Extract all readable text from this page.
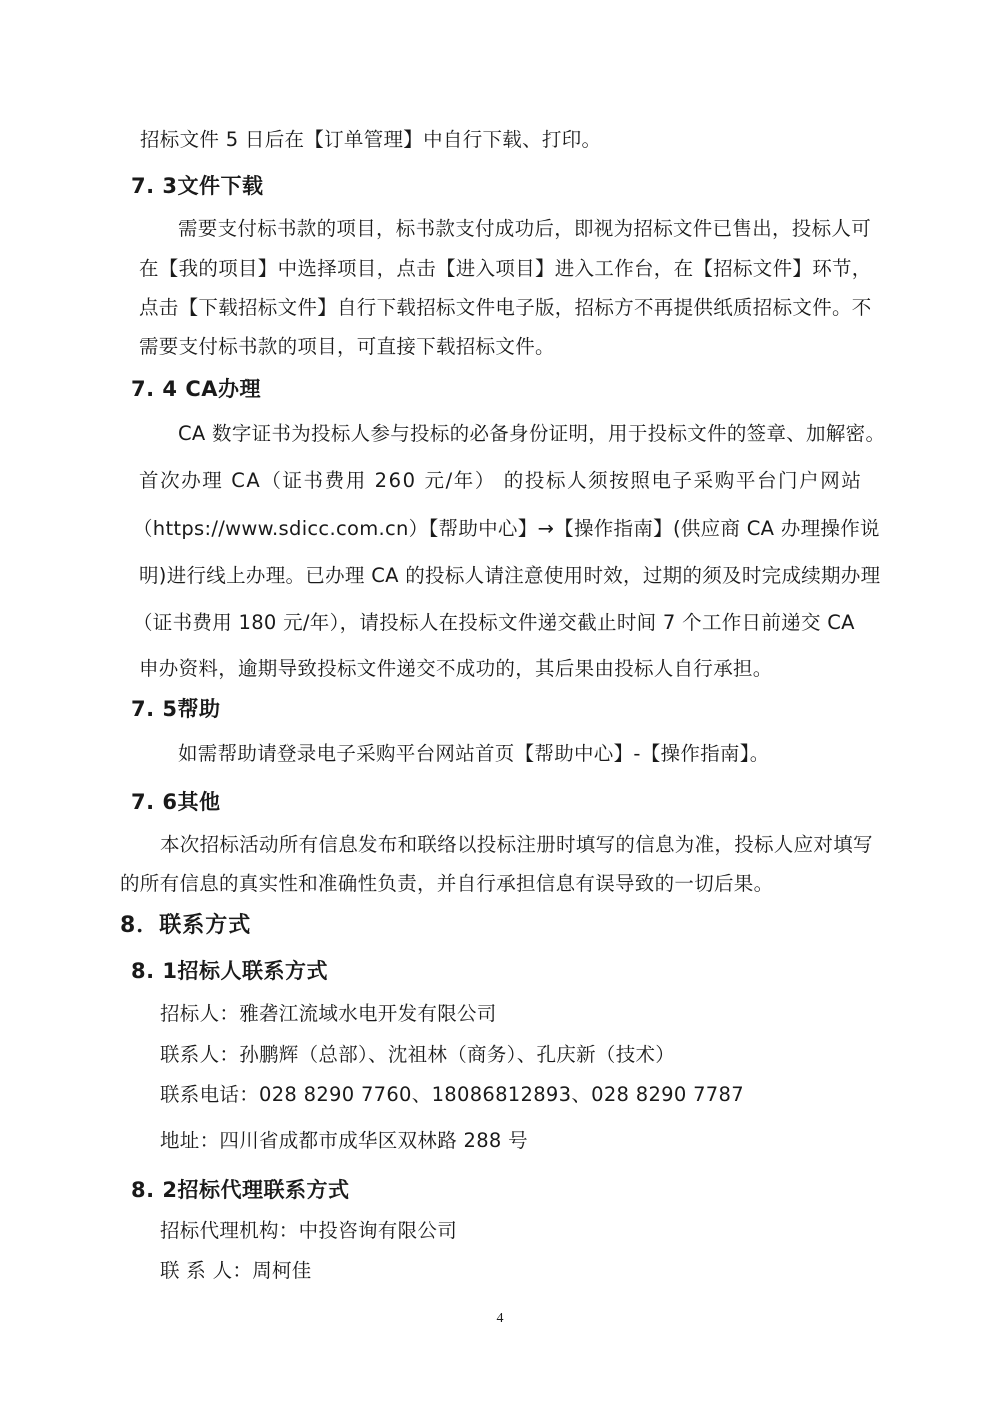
招标文件 5 日后在【订单管理】中自行下载、打印。
7. 3文件下载
需要支付标书款的项目，标书款支付成功后，即视为招标文件已售出，投标人可
在【我的项目】中选择项目，点击【进入项目】进入工作台，在【招标文件】环节，
点击【下载招标文件】自行下载招标文件电子版，招标方不再提供纸质招标文件。不
需要支付标书款的项目，可直接下载招标文件。
7. 4 CA办理
CA 数字证书为投标人参与投标的必备身份证明，用于投标文件的签章、加解密。
首次办理 CA（证书费用 260 元/年） 的投标人须按照电子采购平台门户网站
（https://www.sdicc.com.cn）【帮助中心】→【操作指南】(供应商 CA 办理操作说
明)进行线上办理。已办理 CA 的投标人请注意使用时效，过期的须及时完成续期办理
（证书费用 180 元/年），请投标人在投标文件递交截止时间 7 个工作日前递交 CA
申办资料，逾期导致投标文件递交不成功的，其后果由投标人自行承担。
7. 5帮助
如需帮助请登录电子采购平台网站首页【帮助中心】-【操作指南】。
7. 6其他
本次招标活动所有信息发布和联络以投标注册时填写的信息为准，投标人应对填写
的所有信息的真实性和准确性负责，并自行承担信息有误导致的一切后果。
8．联系方式
8. 1招标人联系方式
招标人：雅砻江流域水电开发有限公司
联系人：孙鹏辉（总部）、沈祖林（商务）、孔庆新（技术）
联系电话：028 8290 7760、18086812893、028 8290 7787
地址：四川省成都市成华区双林路 288 号
8. 2招标代理联系方式
招标代理机构：中投咨询有限公司
联 系 人：周柯佳
4
